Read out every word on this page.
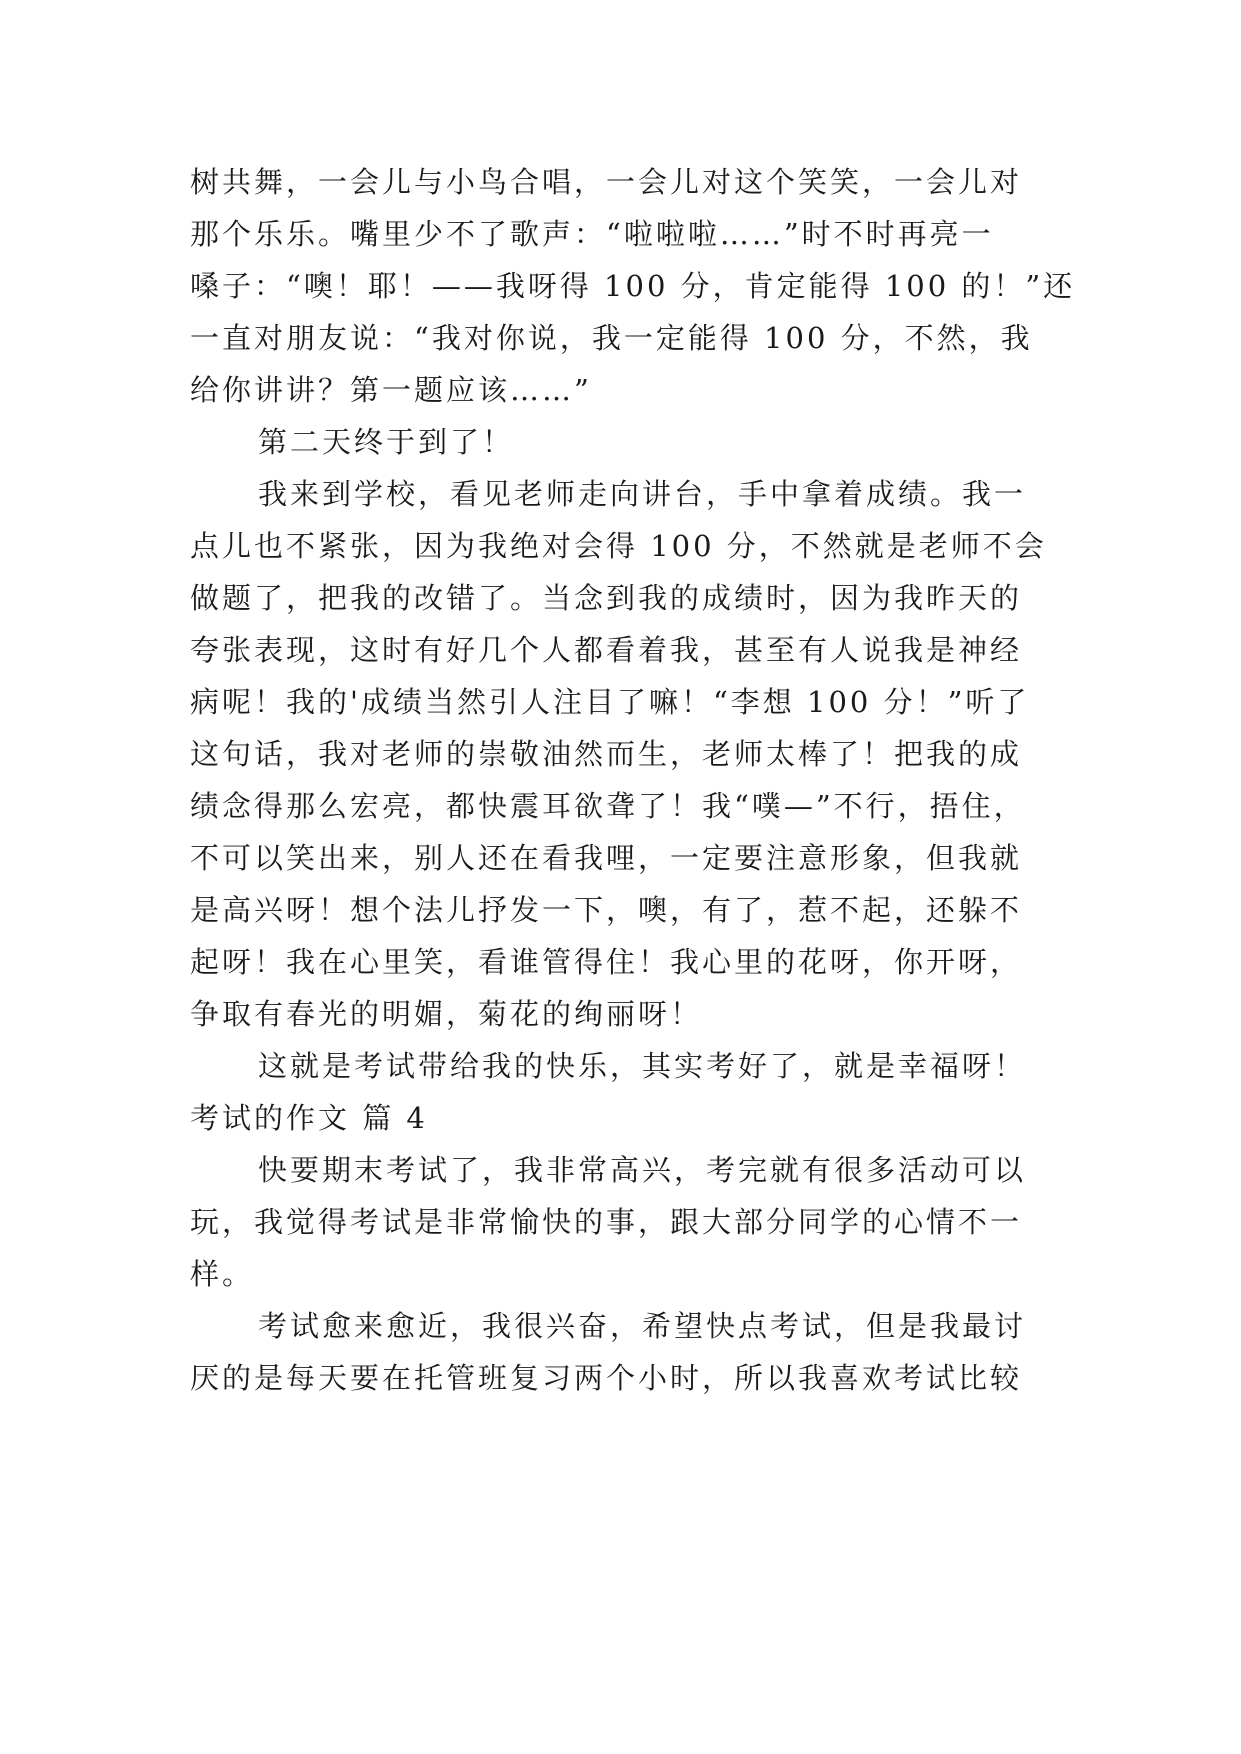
树共舞，一会儿与小鸟合唱，一会儿对这个笑笑，一会儿对
那个乐乐。嘴里少不了歌声：“啦啦啦……”时不时再亮一
嗓子：“噢！耶！——我呀得 100 分，肯定能得 100 的！”还
一直对朋友说：“我对你说，我一定能得 100 分，不然，我
给你讲讲？第一题应该……”
第二天终于到了！
我来到学校，看见老师走向讲台，手中拿着成绩。我一
点儿也不紧张，因为我绝对会得 100 分，不然就是老师不会
做题了，把我的改错了。当念到我的成绩时，因为我昨天的
夸张表现，这时有好几个人都看着我，甚至有人说我是神经
病呢！我的'成绩当然引人注目了嘛！“李想 100 分！”听了
这句话，我对老师的崇敬油然而生，老师太棒了！把我的成
绩念得那么宏亮，都快震耳欲聋了！我“噗—”不行，捂住，
不可以笑出来，别人还在看我哩，一定要注意形象，但我就
是高兴呀！想个法儿抒发一下，噢，有了，惹不起，还躲不
起呀！我在心里笑，看谁管得住！我心里的花呀，你开呀，
争取有春光的明媚，菊花的绚丽呀！
这就是考试带给我的快乐，其实考好了，就是幸福呀！
考试的作文 篇 4
快要期末考试了，我非常高兴，考完就有很多活动可以
玩，我觉得考试是非常愉快的事，跟大部分同学的心情不一
样。
考试愈来愈近，我很兴奋，希望快点考试，但是我最讨
厌的是每天要在托管班复习两个小时，所以我喜欢考试比较
